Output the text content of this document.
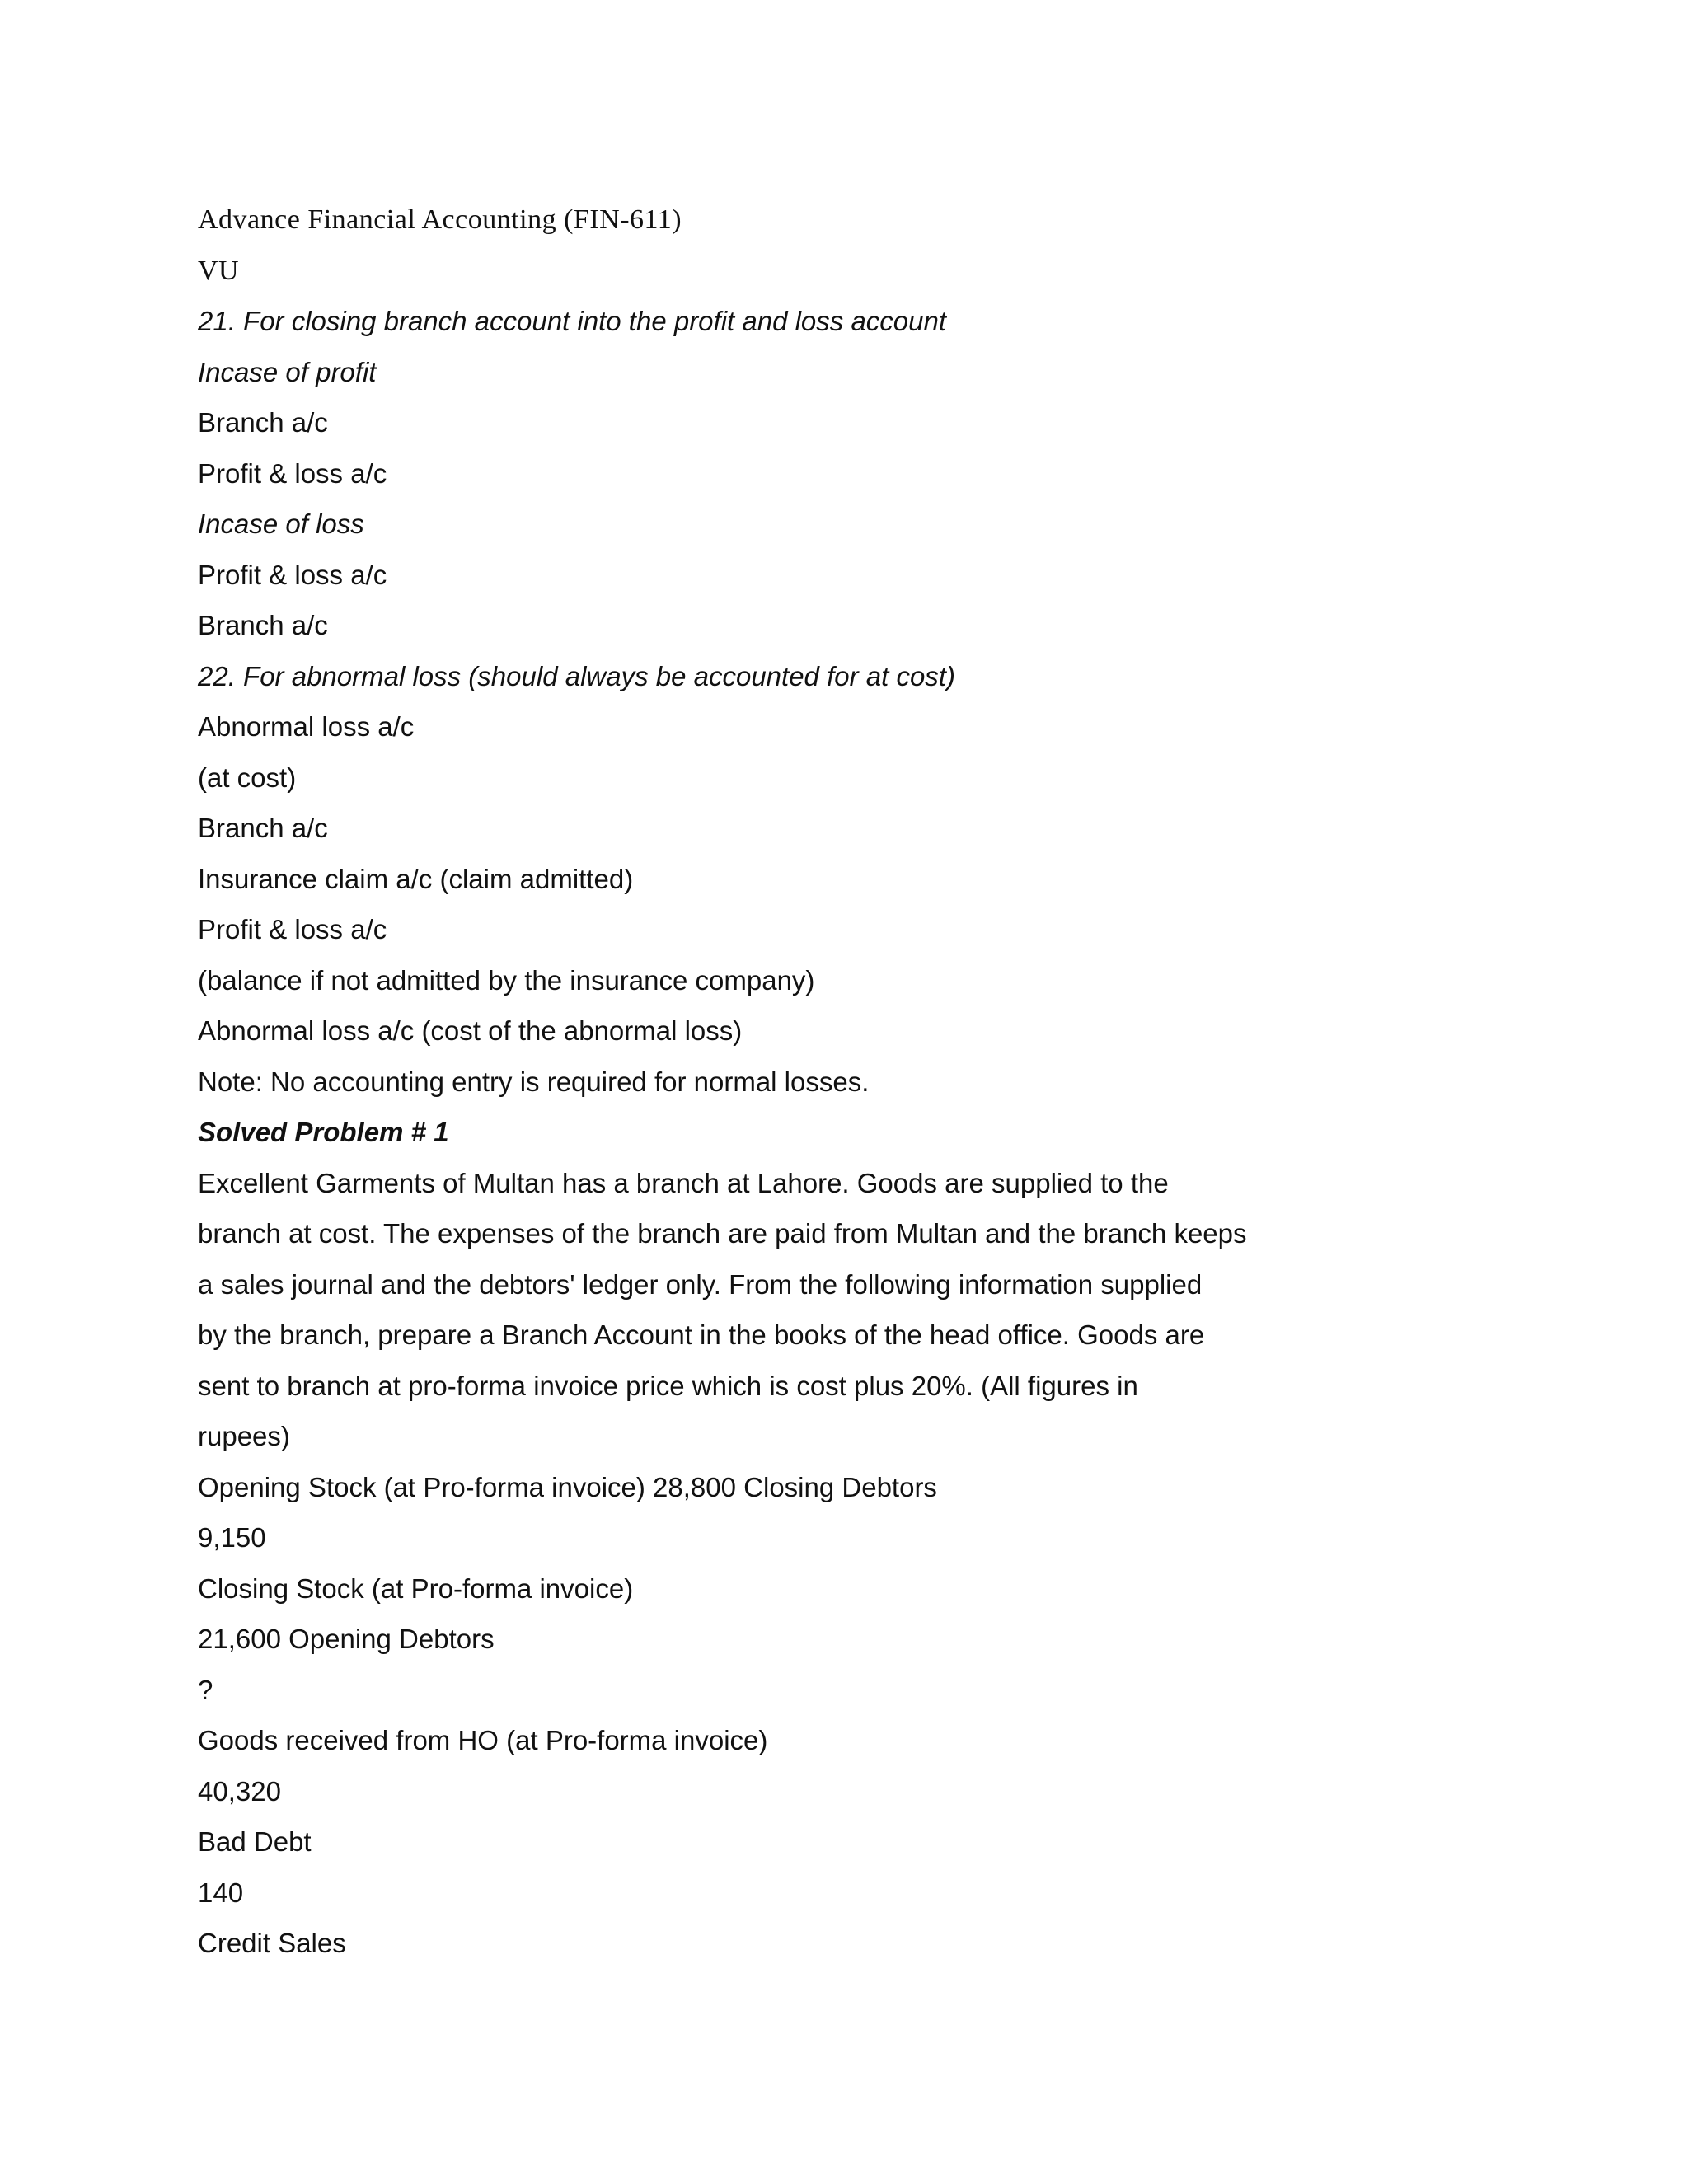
Advance Financial Accounting (FIN-611)
VU
21. For closing branch account into the profit and loss account
Incase of profit
Branch a/c
Profit & loss a/c
Incase of loss
Profit & loss a/c
Branch a/c
22. For abnormal loss (should always be accounted for at cost)
Abnormal loss a/c
(at cost)
Branch a/c
Insurance claim a/c (claim admitted)
Profit & loss a/c
(balance if not admitted by the insurance company)
Abnormal loss a/c (cost of the abnormal loss)
Note: No accounting entry is required for normal losses.
Solved Problem # 1
Excellent Garments of Multan has a branch at Lahore. Goods are supplied to the
branch at cost. The expenses of the branch are paid from Multan and the branch keeps
a sales journal and the debtors' ledger only. From the following information supplied
by the branch, prepare a Branch Account in the books of the head office. Goods are
sent to branch at pro-forma invoice price which is cost plus 20%. (All figures in
rupees)
Opening Stock (at Pro-forma invoice) 28,800 Closing Debtors
9,150
Closing Stock (at Pro-forma invoice)
21,600 Opening Debtors
?
Goods received from HO (at Pro-forma invoice)
40,320
Bad Debt
140
Credit Sales
